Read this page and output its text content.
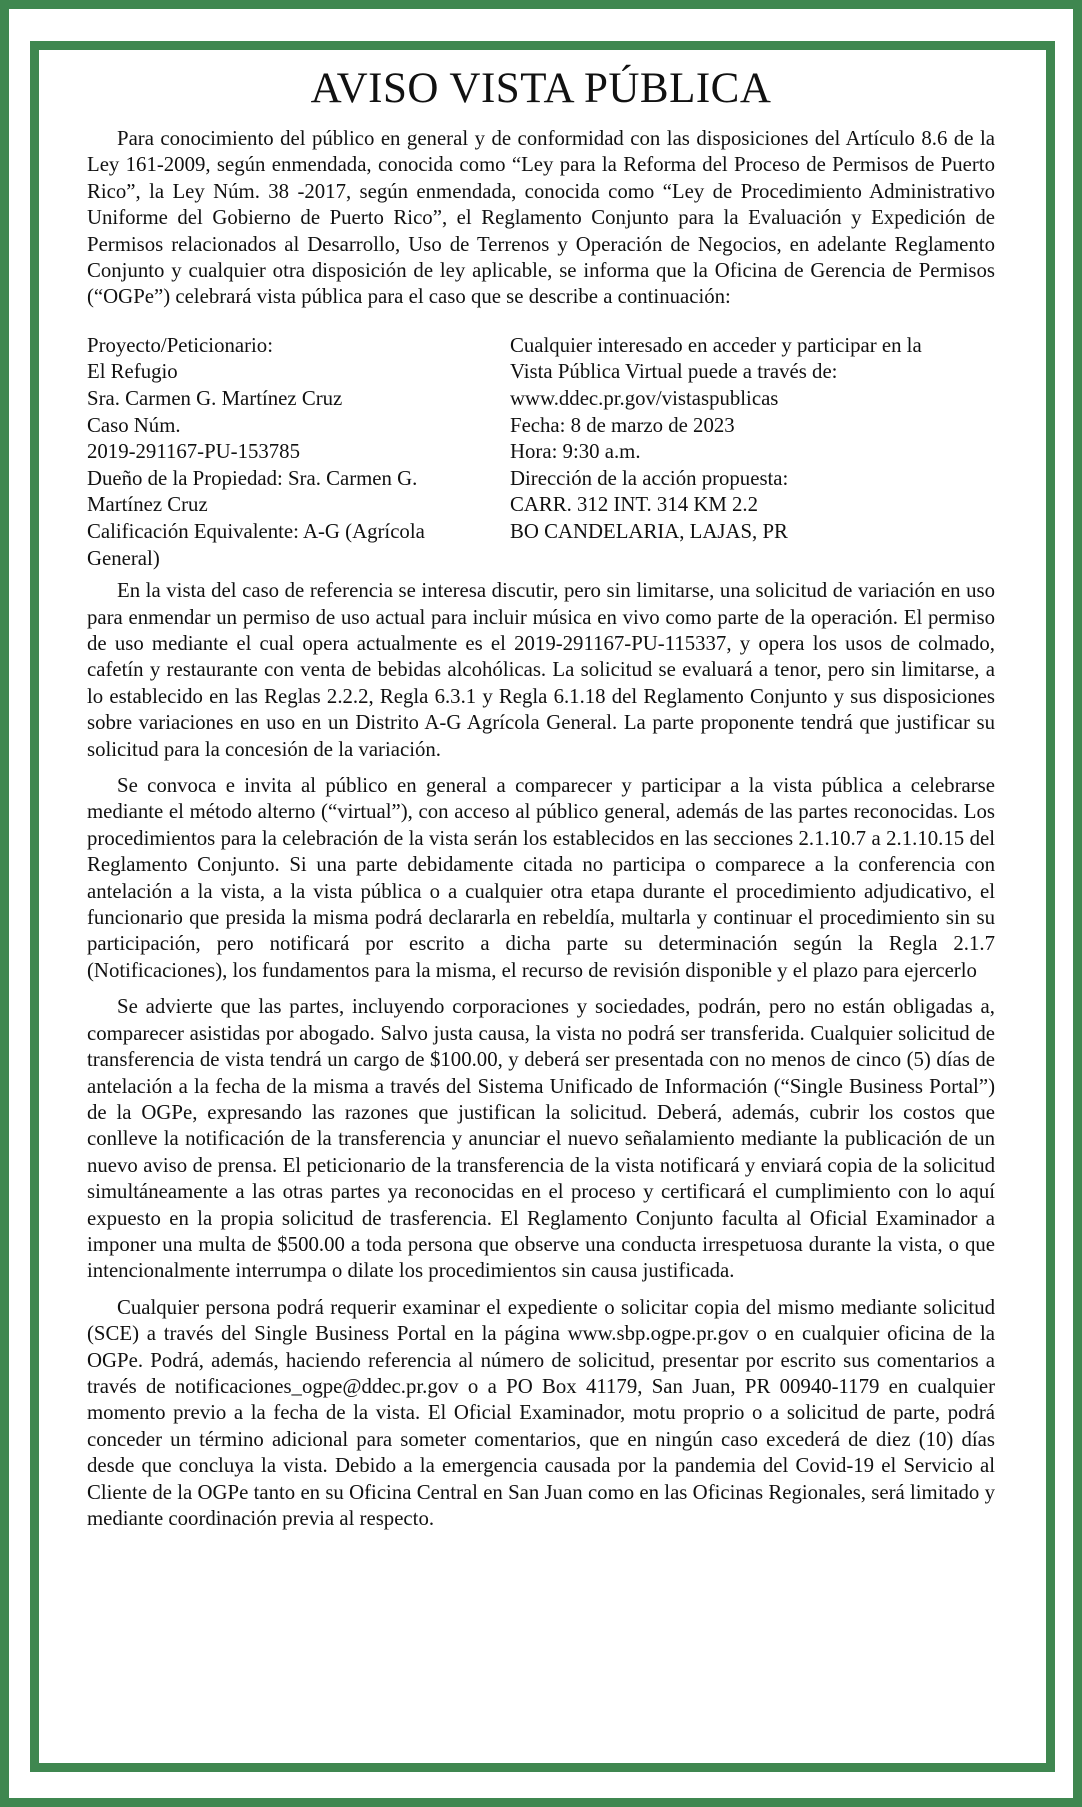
AVISO VISTA PÚBLICA

Para conocimiento del público en general y de conformidad con las disposiciones del Artículo 8.6 de la Ley 161-2009, según enmendada, conocida como “Ley para la Reforma del Proceso de Permisos de Puerto Rico”, la Ley Núm. 38 -2017, según enmendada, conocida como “Ley de Procedimiento Administrativo Uniforme del Gobierno de Puerto Rico”, el Reglamento Conjunto para la Evaluación y Expedición de Permisos relacionados al Desarrollo, Uso de Terrenos y Operación de Negocios, en adelante Reglamento Conjunto y cualquier otra disposición de ley aplicable, se informa que la Oficina de Gerencia de Permisos (“OGPe”) celebrará vista pública para el caso que se describe a continuación:

Proyecto/Peticionario:
El Refugio
Sra. Carmen G. Martínez Cruz
Caso Núm.
2019-291167-PU-153785
Dueño de la Propiedad: Sra. Carmen G.
Martínez Cruz
Calificación Equivalente: A-G (Agrícola
General)
Cualquier interesado en acceder y participar en la
Vista Pública Virtual puede a través de:
www.ddec.pr.gov/vistaspublicas
Fecha: 8 de marzo de 2023
Hora: 9:30 a.m.
Dirección de la acción propuesta:
CARR. 312 INT. 314 KM 2.2
BO CANDELARIA, LAJAS, PR

En la vista del caso de referencia se interesa discutir, pero sin limitarse, una solicitud de variación en uso para enmendar un permiso de uso actual para incluir música en vivo como parte de la operación. El permiso de uso mediante el cual opera actualmente es el 2019-291167-PU-115337, y opera los usos de colmado, cafetín y restaurante con venta de bebidas alcohólicas. La solicitud se evaluará a tenor, pero sin limitarse, a lo establecido en las Reglas 2.2.2, Regla 6.3.1 y Regla 6.1.18 del Reglamento Conjunto y sus disposiciones sobre variaciones en uso en un Distrito A-G Agrícola General. La parte proponente tendrá que justificar su solicitud para la concesión de la variación.

Se convoca e invita al público en general a comparecer y participar a la vista pública a celebrarse mediante el método alterno (“virtual”), con acceso al público general, además de las partes reconocidas. Los procedimientos para la celebración de la vista serán los establecidos en las secciones 2.1.10.7 a 2.1.10.15 del Reglamento Conjunto. Si una parte debidamente citada no participa o comparece a la conferencia con antelación a la vista, a la vista pública o a cualquier otra etapa durante el procedimiento adjudicativo, el funcionario que presida la misma podrá declararla en rebeldía, multarla y continuar el procedimiento sin su participación, pero notificará por escrito a dicha parte su determinación según la Regla 2.1.7 (Notificaciones), los fundamentos para la misma, el recurso de revisión disponible y el plazo para ejercerlo

Se advierte que las partes, incluyendo corporaciones y sociedades, podrán, pero no están obligadas a, comparecer asistidas por abogado. Salvo justa causa, la vista no podrá ser transferida. Cualquier solicitud de transferencia de vista tendrá un cargo de $100.00, y deberá ser presentada con no menos de cinco (5) días de antelación a la fecha de la misma a través del Sistema Unificado de Información (“Single Business Portal”) de la OGPe, expresando las razones que justifican la solicitud. Deberá, además, cubrir los costos que conlleve la notificación de la transferencia y anunciar el nuevo señalamiento mediante la publicación de un nuevo aviso de prensa. El peticionario de la transferencia de la vista notificará y enviará copia de la solicitud simultáneamente a las otras partes ya reconocidas en el proceso y certificará el cumplimiento con lo aquí expuesto en la propia solicitud de trasferencia. El Reglamento Conjunto faculta al Oficial Examinador a imponer una multa de $500.00 a toda persona que observe una conducta irrespetuosa durante la vista, o que intencionalmente interrumpa o dilate los procedimientos sin causa justificada.

Cualquier persona podrá requerir examinar el expediente o solicitar copia del mismo mediante solicitud (SCE) a través del Single Business Portal en la página www.sbp.ogpe.pr.gov o en cualquier oficina de la OGPe. Podrá, además, haciendo referencia al número de solicitud, presentar por escrito sus comentarios a través de notificaciones_ogpe@ddec.pr.gov o a PO Box 41179, San Juan, PR 00940-1179 en cualquier momento previo a la fecha de la vista. El Oficial Examinador, motu proprio o a solicitud de parte, podrá conceder un término adicional para someter comentarios, que en ningún caso excederá de diez (10) días desde que concluya la vista. Debido a la emergencia causada por la pandemia del Covid-19 el Servicio al Cliente de la OGPe tanto en su Oficina Central en San Juan como en las Oficinas Regionales, será limitado y mediante coordinación previa al respecto.
